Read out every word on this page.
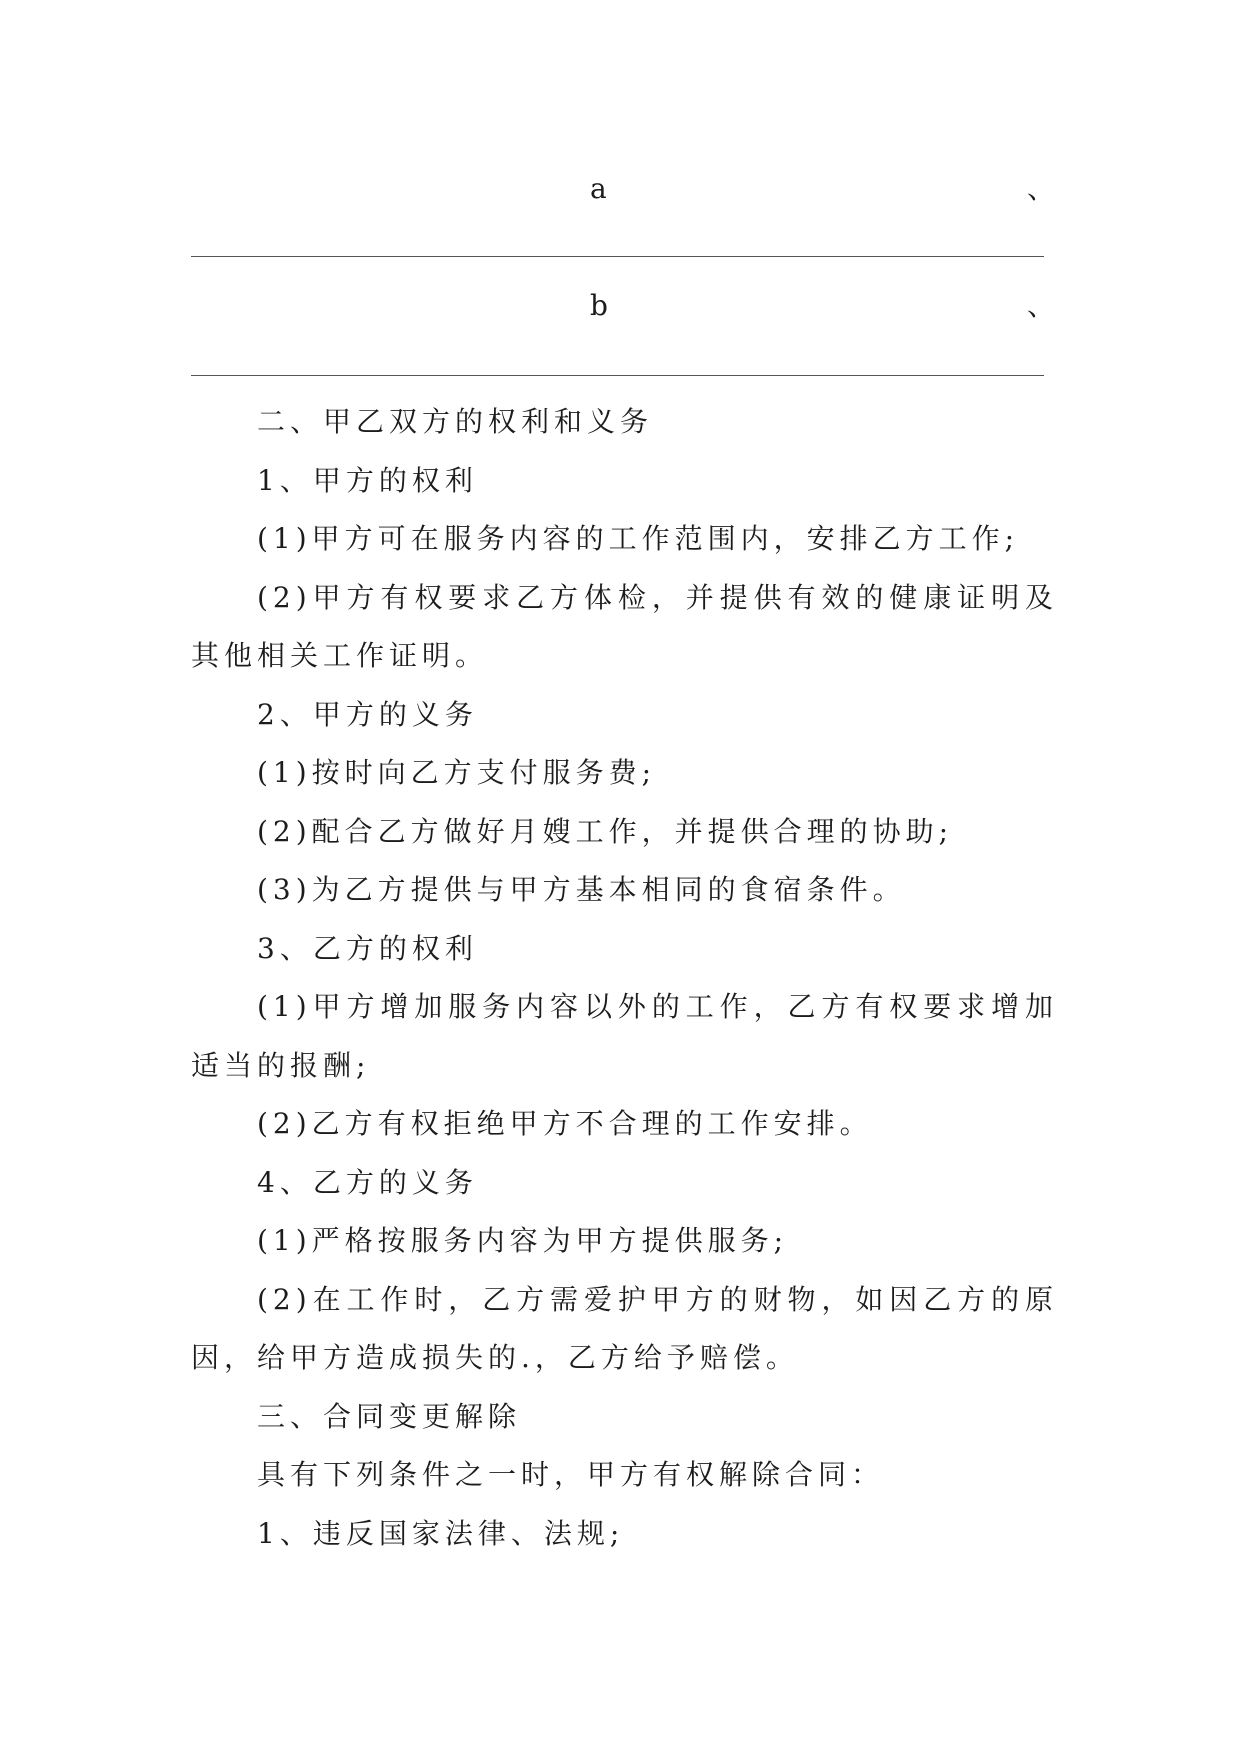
a	、
b	、

二、甲乙双方的权利和义务

1、甲方的权利

(1)甲方可在服务内容的工作范围内，安排乙方工作;

(2)甲方有权要求乙方体检，并提供有效的健康证明及其他相关工作证明。

2、甲方的义务

(1)按时向乙方支付服务费;

(2)配合乙方做好月嫂工作，并提供合理的协助;

(3)为乙方提供与甲方基本相同的食宿条件。

3、乙方的权利

(1)甲方增加服务内容以外的工作，乙方有权要求增加适当的报酬;

(2)乙方有权拒绝甲方不合理的工作安排。

4、乙方的义务

(1)严格按服务内容为甲方提供服务;

(2)在工作时，乙方需爱护甲方的财物，如因乙方的原因，给甲方造成损失的.，乙方给予赔偿。

三、合同变更解除

具有下列条件之一时，甲方有权解除合同：

1、违反国家法律、法规;
